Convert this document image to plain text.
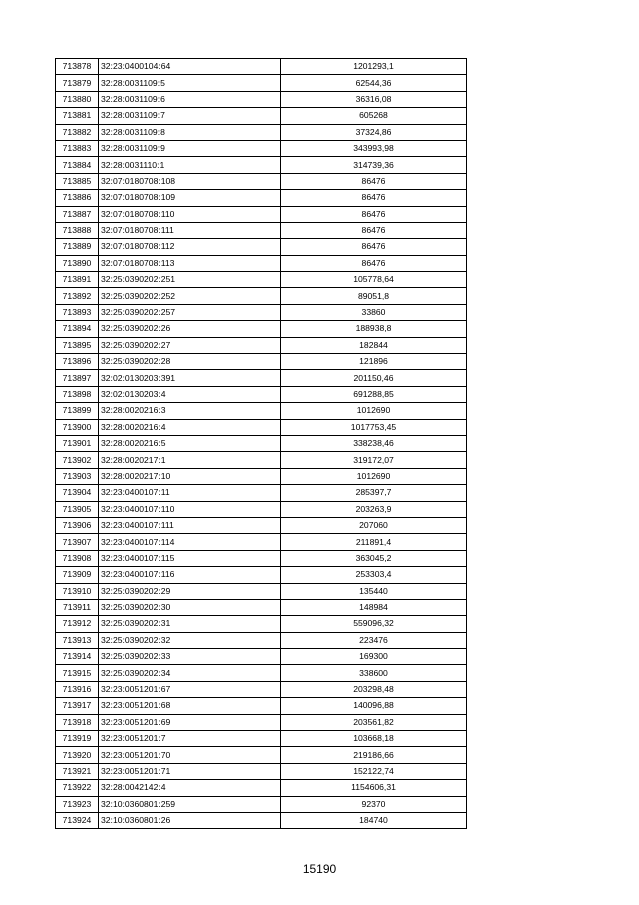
713878	32:23:0400104:64	1201293,1
713879	32:28:0031109:5	62544,36
713880	32:28:0031109:6	36316,08
713881	32:28:0031109:7	605268
713882	32:28:0031109:8	37324,86
713883	32:28:0031109:9	343993,98
713884	32:28:0031110:1	314739,36
713885	32:07:0180708:108	86476
713886	32:07:0180708:109	86476
713887	32:07:0180708:110	86476
713888	32:07:0180708:111	86476
713889	32:07:0180708:112	86476
713890	32:07:0180708:113	86476
713891	32:25:0390202:251	105778,64
713892	32:25:0390202:252	89051,8
713893	32:25:0390202:257	33860
713894	32:25:0390202:26	188938,8
713895	32:25:0390202:27	182844
713896	32:25:0390202:28	121896
713897	32:02:0130203:391	201150,46
713898	32:02:0130203:4	691288,85
713899	32:28:0020216:3	1012690
713900	32:28:0020216:4	1017753,45
713901	32:28:0020216:5	338238,46
713902	32:28:0020217:1	319172,07
713903	32:28:0020217:10	1012690
713904	32:23:0400107:11	285397,7
713905	32:23:0400107:110	203263,9
713906	32:23:0400107:111	207060
713907	32:23:0400107:114	211891,4
713908	32:23:0400107:115	363045,2
713909	32:23:0400107:116	253303,4
713910	32:25:0390202:29	135440
713911	32:25:0390202:30	148984
713912	32:25:0390202:31	559096,32
713913	32:25:0390202:32	223476
713914	32:25:0390202:33	169300
713915	32:25:0390202:34	338600
713916	32:23:0051201:67	203298,48
713917	32:23:0051201:68	140096,88
713918	32:23:0051201:69	203561,82
713919	32:23:0051201:7	103668,18
713920	32:23:0051201:70	219186,66
713921	32:23:0051201:71	152122,74
713922	32:28:0042142:4	1154606,31
713923	32:10:0360801:259	92370
713924	32:10:0360801:26	184740
15190
